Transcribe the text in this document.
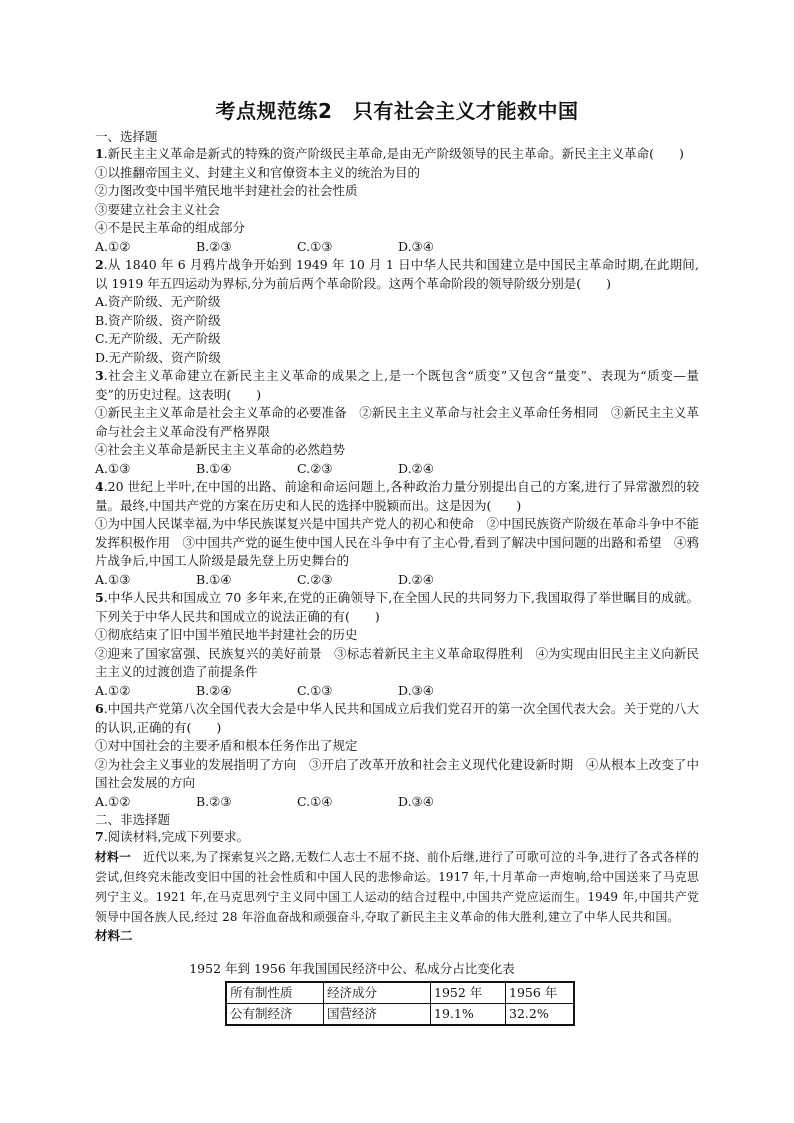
考点规范练2　只有社会主义才能救中国

一、选择题

1.新民主主义革命是新式的特殊的资产阶级民主革命,是由无产阶级领导的民主革命。新民主主义革命(　　)

①以推翻帝国主义、封建主义和官僚资本主义的统治为目的

②力图改变中国半殖民地半封建社会的社会性质

③要建立社会主义社会

④不是民主革命的组成部分

A.①②	B.②③	C.①③	D.③④

2.从 1840 年 6 月鸦片战争开始到 1949 年 10 月 1 日中华人民共和国建立是中国民主革命时期,在此期间,以 1919 年五四运动为界标,分为前后两个革命阶段。这两个革命阶段的领导阶级分别是(　　)

A.资产阶级、无产阶级

B.资产阶级、资产阶级

C.无产阶级、无产阶级

D.无产阶级、资产阶级

3.社会主义革命建立在新民主主义革命的成果之上,是一个既包含“质变”又包含“量变”、表现为“质变—量变”的历史过程。这表明(　　)

①新民主主义革命是社会主义革命的必要准备　②新民主主义革命与社会主义革命任务相同　③新民主主义革命与社会主义革命没有严格界限

④社会主义革命是新民主主义革命的必然趋势

A.①③	B.①④	C.②③	D.②④

4.20 世纪上半叶,在中国的出路、前途和命运问题上,各种政治力量分别提出自己的方案,进行了异常激烈的较量。最终,中国共产党的方案在历史和人民的选择中脱颖而出。这是因为(　　)

①为中国人民谋幸福,为中华民族谋复兴是中国共产党人的初心和使命　②中国民族资产阶级在革命斗争中不能发挥积极作用　③中国共产党的诞生使中国人民在斗争中有了主心骨,看到了解决中国问题的出路和希望　④鸦片战争后,中国工人阶级是最先登上历史舞台的

A.①③	B.①④	C.②③	D.②④

5.中华人民共和国成立 70 多年来,在党的正确领导下,在全国人民的共同努力下,我国取得了举世瞩目的成就。下列关于中华人民共和国成立的说法正确的有(　　)

①彻底结束了旧中国半殖民地半封建社会的历史

②迎来了国家富强、民族复兴的美好前景　③标志着新民主主义革命取得胜利　④为实现由旧民主主义向新民主主义的过渡创造了前提条件

A.①②	B.②④	C.①③	D.③④

6.中国共产党第八次全国代表大会是中华人民共和国成立后我们党召开的第一次全国代表大会。关于党的八大的认识,正确的有(　　)

①对中国社会的主要矛盾和根本任务作出了规定

②为社会主义事业的发展指明了方向　③开启了改革开放和社会主义现代化建设新时期　④从根本上改变了中国社会发展的方向

A.①②	B.②③	C.①④	D.③④

二、非选择题

7.阅读材料,完成下列要求。

材料一　近代以来,为了探索复兴之路,无数仁人志士不屈不挠、前仆后继,进行了可歌可泣的斗争,进行了各式各样的尝试,但终究未能改变旧中国的社会性质和中国人民的悲惨命运。1917 年,十月革命一声炮响,给中国送来了马克思列宁主义。1921 年,在马克思列宁主义同中国工人运动的结合过程中,中国共产党应运而生。1949 年,中国共产党领导中国各族人民,经过 28 年浴血奋战和顽强奋斗,夺取了新民主主义革命的伟大胜利,建立了中华人民共和国。

材料二

1952 年到 1956 年我国国民经济中公、私成分占比变化表

所有制性质	经济成分	1952 年	1956 年
公有制经济	国营经济	19.1%	32.2%
